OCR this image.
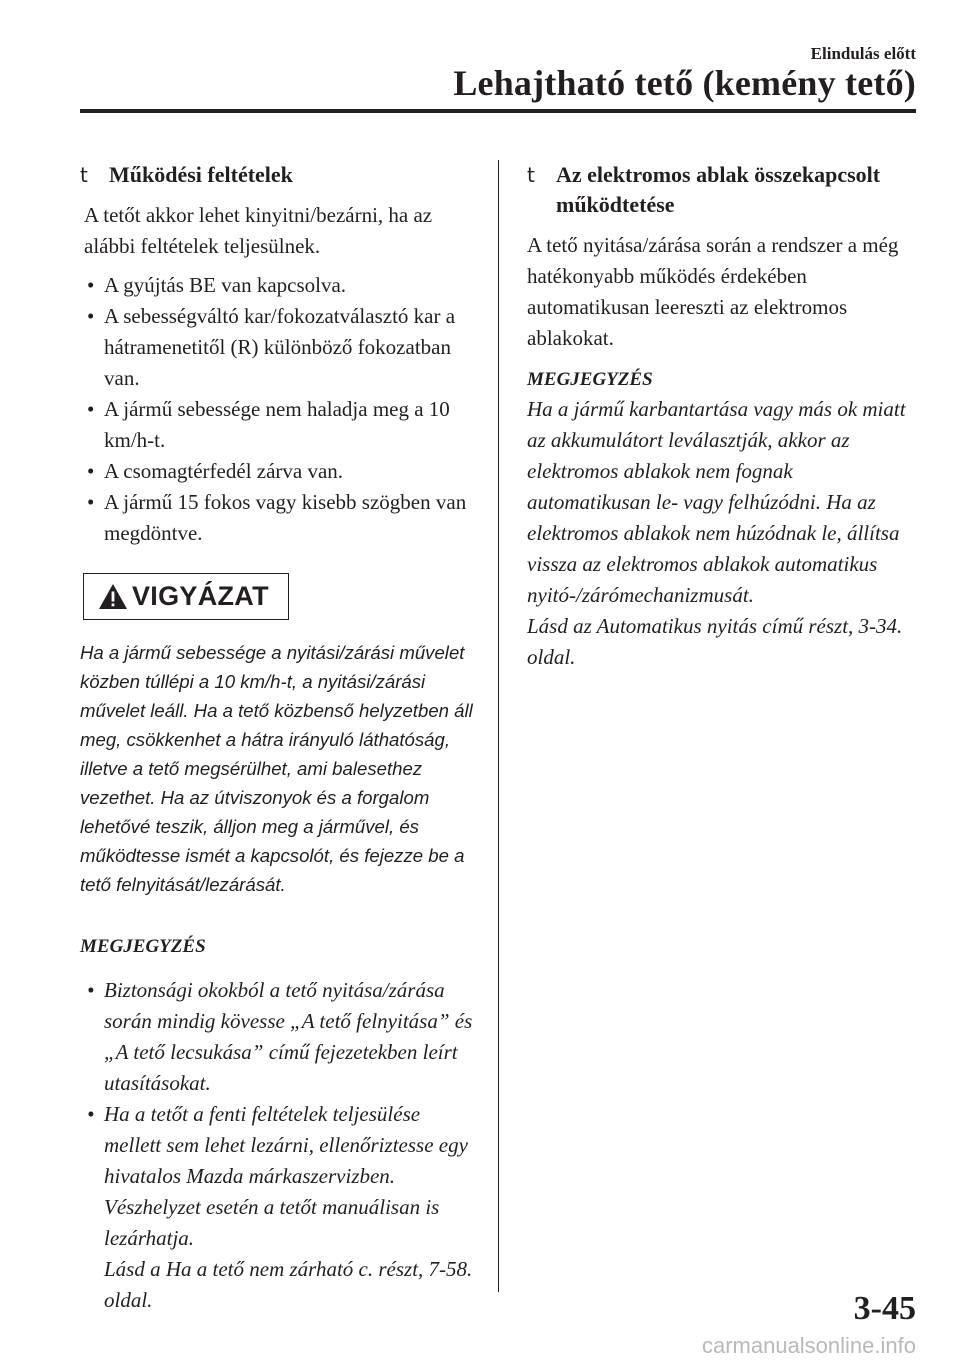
Elindulás előtt
Lehajtható tető (kemény tető)
t Működési feltételek

A tetőt akkor lehet kinyitni/bezárni, ha az alábbi feltételek teljesülnek.

• A gyújtás BE van kapcsolva.
• A sebességváltó kar/fokozatválasztó kar a hátramenetitől (R) különböző fokozatban van.
• A jármű sebessége nem haladja meg a 10 km/h-t.
• A csomagtérfedél zárva van.
• A jármű 15 fokos vagy kisebb szögben van megdöntve.
VIGYÁZAT

Ha a jármű sebessége a nyitási/zárási művelet közben túllépi a 10 km/h-t, a nyitási/zárási művelet leáll. Ha a tető közbenső helyzetben áll meg, csökkenhet a hátra irányuló láthatóság, illetve a tető megsérülhet, ami balesethez vezethet. Ha az útviszonyok és a forgalom lehetővé teszik, álljon meg a járművel, és működtesse ismét a kapcsolót, és fejezze be a tető felnyitását/lezárását.

MEGJEGYZÉS
• Biztonsági okokból a tető nyitása/zárása során mindig kövesse „A tető felnyitása” és „A tető lecsukása” című fejezetekben leírt utasításokat.
• Ha a tetőt a fenti feltételek teljesülése mellett sem lehet lezárni, ellenőriztesse egy hivatalos Mazda márkaszervizben. Vészhelyzet esetén a tetőt manuálisan is lezárhatja.
Lásd a Ha a tető nem zárható c. részt, 7-58. oldal.
t Az elektromos ablak összekapcsolt működtetése

A tető nyitása/zárása során a rendszer a még hatékonyabb működés érdekében automatikusan leereszti az elektromos ablakokat.

MEGJEGYZÉS

Ha a jármű karbantartása vagy más ok miatt az akkumulátort leválasztják, akkor az elektromos ablakok nem fognak automatikusan le- vagy felhúzódni. Ha az elektromos ablakok nem húzódnak le, állítsa vissza az elektromos ablakok automatikus nyitó-/zárómechanizmusát.
Lásd az Automatikus nyitás című részt, 3-34. oldal.

3-45
carmanualsonline.info
